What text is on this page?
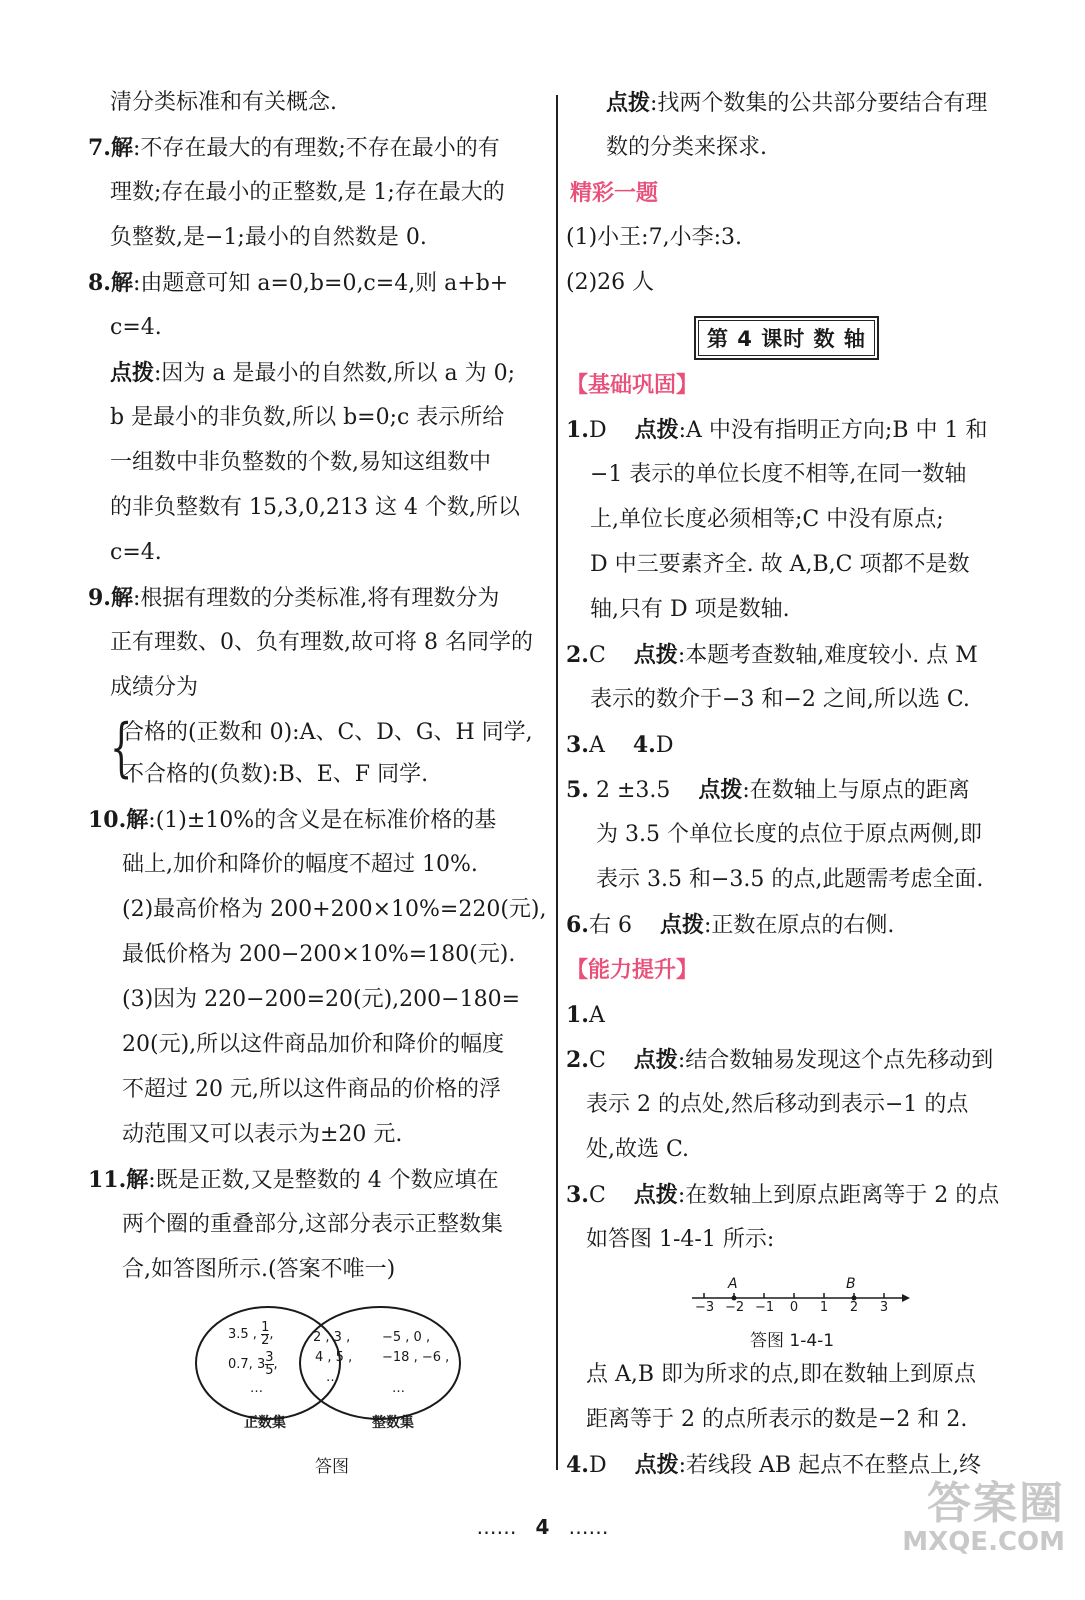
清分类标准和有关概念.
7.解:不存在最大的有理数;不存在最小的有
理数;存在最小的正整数,是 1;存在最大的
负整数,是−1;最小的自然数是 0.
8.解:由题意可知 a=0,b=0,c=4,则 a+b+
c=4.
点拨:因为 a 是最小的自然数,所以 a 为 0;
b 是最小的非负数,所以 b=0;c 表示所给
一组数中非负整数的个数,易知这组数中
的非负整数有 15,3,0,213 这 4 个数,所以
c=4.
9.解:根据有理数的分类标准,将有理数分为
正有理数、0、负有理数,故可将 8 名同学的
成绩分为
{
合格的(正数和 0):A、C、D、G、H 同学,
不合格的(负数):B、E、F 同学.
10.解:(1)±10%的含义是在标准价格的基
础上,加价和降价的幅度不超过 10%.
(2)最高价格为 200+200×10%=220(元),
最低价格为 200−200×10%=180(元).
(3)因为 220−200=20(元),200−180=
20(元),所以这件商品加价和降价的幅度
不超过 20 元,所以这件商品的价格的浮
动范围又可以表示为±20 元.
11.解:既是正数,又是整数的 4 个数应填在
两个圈的重叠部分,这部分表示正整数集
合,如答图所示.(答案不唯一)
3.5 , $\frac{1}{2}$ ,
0.7, $3 \frac{3}{5}$ ,
…
2 , 3 ,
4 , 5 ,
…
−5 , 0 ,
−18 , −6 ,
…
正数集	整数集
答图
点拨:找两个数集的公共部分要结合有理
数的分类来探求.
精彩一题
(1)小王:7,小李:3.
(2)26 人
第 4 课时 数 轴
【基础巩固】
1.D 点拨:A 中没有指明正方向;B 中 1 和
−1 表示的单位长度不相等,在同一数轴
上,单位长度必须相等;C 中没有原点;
D 中三要素齐全. 故 A,B,C 项都不是数
轴,只有 D 项是数轴.
2.C 点拨:本题考查数轴,难度较小. 点 M
表示的数介于−3 和−2 之间,所以选 C.
3.A 4.D
5. 2 ±3.5 点拨:在数轴上与原点的距离
为 3.5 个单位长度的点位于原点两侧,即
表示 3.5 和−3.5 的点,此题需考虑全面.
6.右 6 点拨:正数在原点的右侧.
【能力提升】
1.A
2.C 点拨:结合数轴易发现这个点先移动到
表示 2 的点处,然后移动到表示−1 的点
处,故选 C.
3.C 点拨:在数轴上到原点距离等于 2 的点
如答图 1-4-1 所示:
点 A,B 即为所求的点,即在数轴上到原点
距离等于 2 的点所表示的数是−2 和 2.
4.D 点拨:若线段 AB 起点不在整点上,终
−3 −2 −1	0	1	2	3
A	B
答图 1-4-1
…… 4 ……	答案圈
MXQE.COM
